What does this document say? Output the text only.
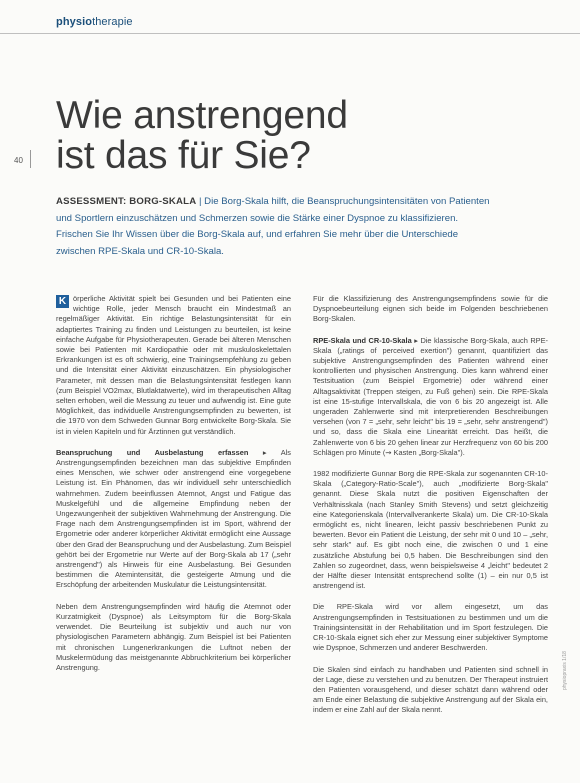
physiotherapie
Wie anstrengend
ist das für Sie?
40
ASSESSMENT: BORG-SKALA | Die Borg-Skala hilft, die Beanspruchungsintensitäten von Patienten und Sportlern einzuschätzen und Schmerzen sowie die Stärke einer Dyspnoe zu klassifizieren. Frischen Sie Ihr Wissen über die Borg-Skala auf, und erfahren Sie mehr über die Unterschiede zwischen RPE-Skala und CR-10-Skala.

K örperliche Aktivität spielt bei Gesunden und bei Patienten eine wichtige Rolle, jeder Mensch braucht ein Mindestmaß an regelmäßiger Aktivität. Ein richtige Belastungsintensität für ein adaptiertes Training zu finden und Leistungen zu beurteilen, ist keine einfache Aufgabe für Physiotherapeuten. Gerade bei älteren Menschen sowie bei Patienten mit Kardiopathie oder mit muskuloskelettalen Erkrankungen ist es oft schwierig, eine Trainingsempfehlung zu geben und die Intensität einer Aktivität einzuschätzen. Ein physiologischer Parameter, mit dessen man die Belastungsintensität festlegen kann (zum Beispiel VO2max, Blutlaktatwerte), wird im therapeutischen Alltag selten erhoben, weil die Messung zu teuer und aufwendig ist. Eine gute Möglichkeit, das individuelle Anstrengungsempfinden zu bewerten, ist die 1970 von dem Schweden Gunnar Borg entwickelte Borg-Skala. Sie ist in vielen Kapiteln und für Ärztinnen gut verständlich.

Beanspruchung und Ausbelastung erfassen ▸ Als Anstrengungsempfinden bezeichnen man das subjektive Empfinden eines Menschen, wie schwer oder anstrengend eine vorgegebene Leistung ist. Ein Phänomen, das wir individuell sehr unterschiedlich wahrnehmen. Zudem beeinflussen Atemnot, Angst und Fatigue das Muskelgefühl und die allgemeine Empfindung neben der Ungezwungenheit der subjektiven Wahrnehmung der Anstrengung. Die Frage nach dem Anstrengungsempfinden ist im Sport, während der Ergometrie oder anderer körperlicher Aktivität ermöglicht eine Aussage über den Grad der Beanspruchung und der Ausbelastung. Zum Beispiel gehört bei der Ergometrie nur Werte auf der Borg-Skala ab 17 („sehr anstrengend") als Hinweis für eine Ausbelastung. Bei Gesunden bestimmen die Atemintensität, die gesteigerte Atmung und die Erschöpfung der arbeitenden Muskulatur die Leistungsintensität.

Neben dem Anstrengungsempfinden wird häufig die Atemnot oder Kurzatmigkeit (Dyspnoe) als Leitsymptom für die Borg-Skala verwendet. Die Beurteilung ist subjektiv und auch nur von physiologischen Parametern abhängig. Zum Beispiel ist bei Patienten mit chronischen Lungenerkrankungen die Luftnot neben der Muskelermüdung das meistgenannte Abbruchkriterium bei körperlicher Anstrengung.

Für die Klassifizierung des Anstrengungsempfindens sowie für die Dyspnoebeurteilung eignen sich beide im Folgenden beschriebenen Borg-Skalen.

RPE-Skala und CR-10-Skala ▸ Die klassische Borg-Skala, auch RPE-Skala („ratings of perceived exertion") genannt, quantifiziert das subjektive Anstrengungsempfinden des Patienten während einer kontrollierten und physischen Anstrengung. Dies kann während einer Testsituation (zum Beispiel Ergometrie) oder während einer Alltagsaktivität (Treppen steigen, zu Fuß gehen) sein. Die RPE-Skala ist eine 15-stufige Intervallskala, die von 6 bis 20 angezeigt ist. Alle ungeraden Zahlenwerte sind mit interpretierenden Beschreibungen versehen (von 7 = „sehr, sehr leicht" bis 19 = „sehr, sehr anstrengend") und so, dass die Skala eine Linearität erreicht. Das heißt, die Zahlenwerte von 6 bis 20 gehen linear zur Herzfrequenz von 60 bis 200 Schlägen pro Minute (⇝ Kasten „Borg-Skala").

1982 modifizierte Gunnar Borg die RPE-Skala zur sogenannten CR-10-Skala („Category-Ratio-Scale"), auch „modifizierte Borg-Skala" genannt. Diese Skala nutzt die positiven Eigenschaften der Verhältnisskala (nach Stanley Smith Stevens) und setzt gleichzeitig eine Kategorienskala (Intervallverankerte Skala) um. Die CR-10-Skala ermöglicht es, nicht linearen, leicht passiv beschriebenen Punkt zu bewerten. Bevor ein Patient die Leistung, der sehr mit 0 und 10 – „sehr, sehr stark" auf. Es gibt noch eine, die zwischen 0 und 1 eine zusätzliche Abstufung bei 0,5 haben. Die Beschreibungen sind den Zahlen so zugeordnet, dass, wenn beispielsweise 4 „leicht" bedeutet 2 der Hälfte dieser Intensität entsprechend sollte (1) – ein nur 0,5 ist anstrengend ist.

Die RPE-Skala wird vor allem eingesetzt, um das Anstrengungsempfinden in Testsituationen zu bestimmen und um die Trainingsintensität in der Rehabilitation und im Sport festzulegen. Die CR-10-Skala eignet sich eher zur Messung einer subjektiver Symptome wie Dyspnoe, Schmerzen und anderer Beschwerden.

Die Skalen sind einfach zu handhaben und Patienten sind schnell in der Lage, diese zu verstehen und zu benutzen. Der Therapeut instruiert den Patienten vorausgehend, und dieser schätzt dann während oder am Ende einer Belastung die subjektive Anstrengung auf der Skala ein, indem er eine Zahl auf der Skala nennt.

physiopraxis 1/18
